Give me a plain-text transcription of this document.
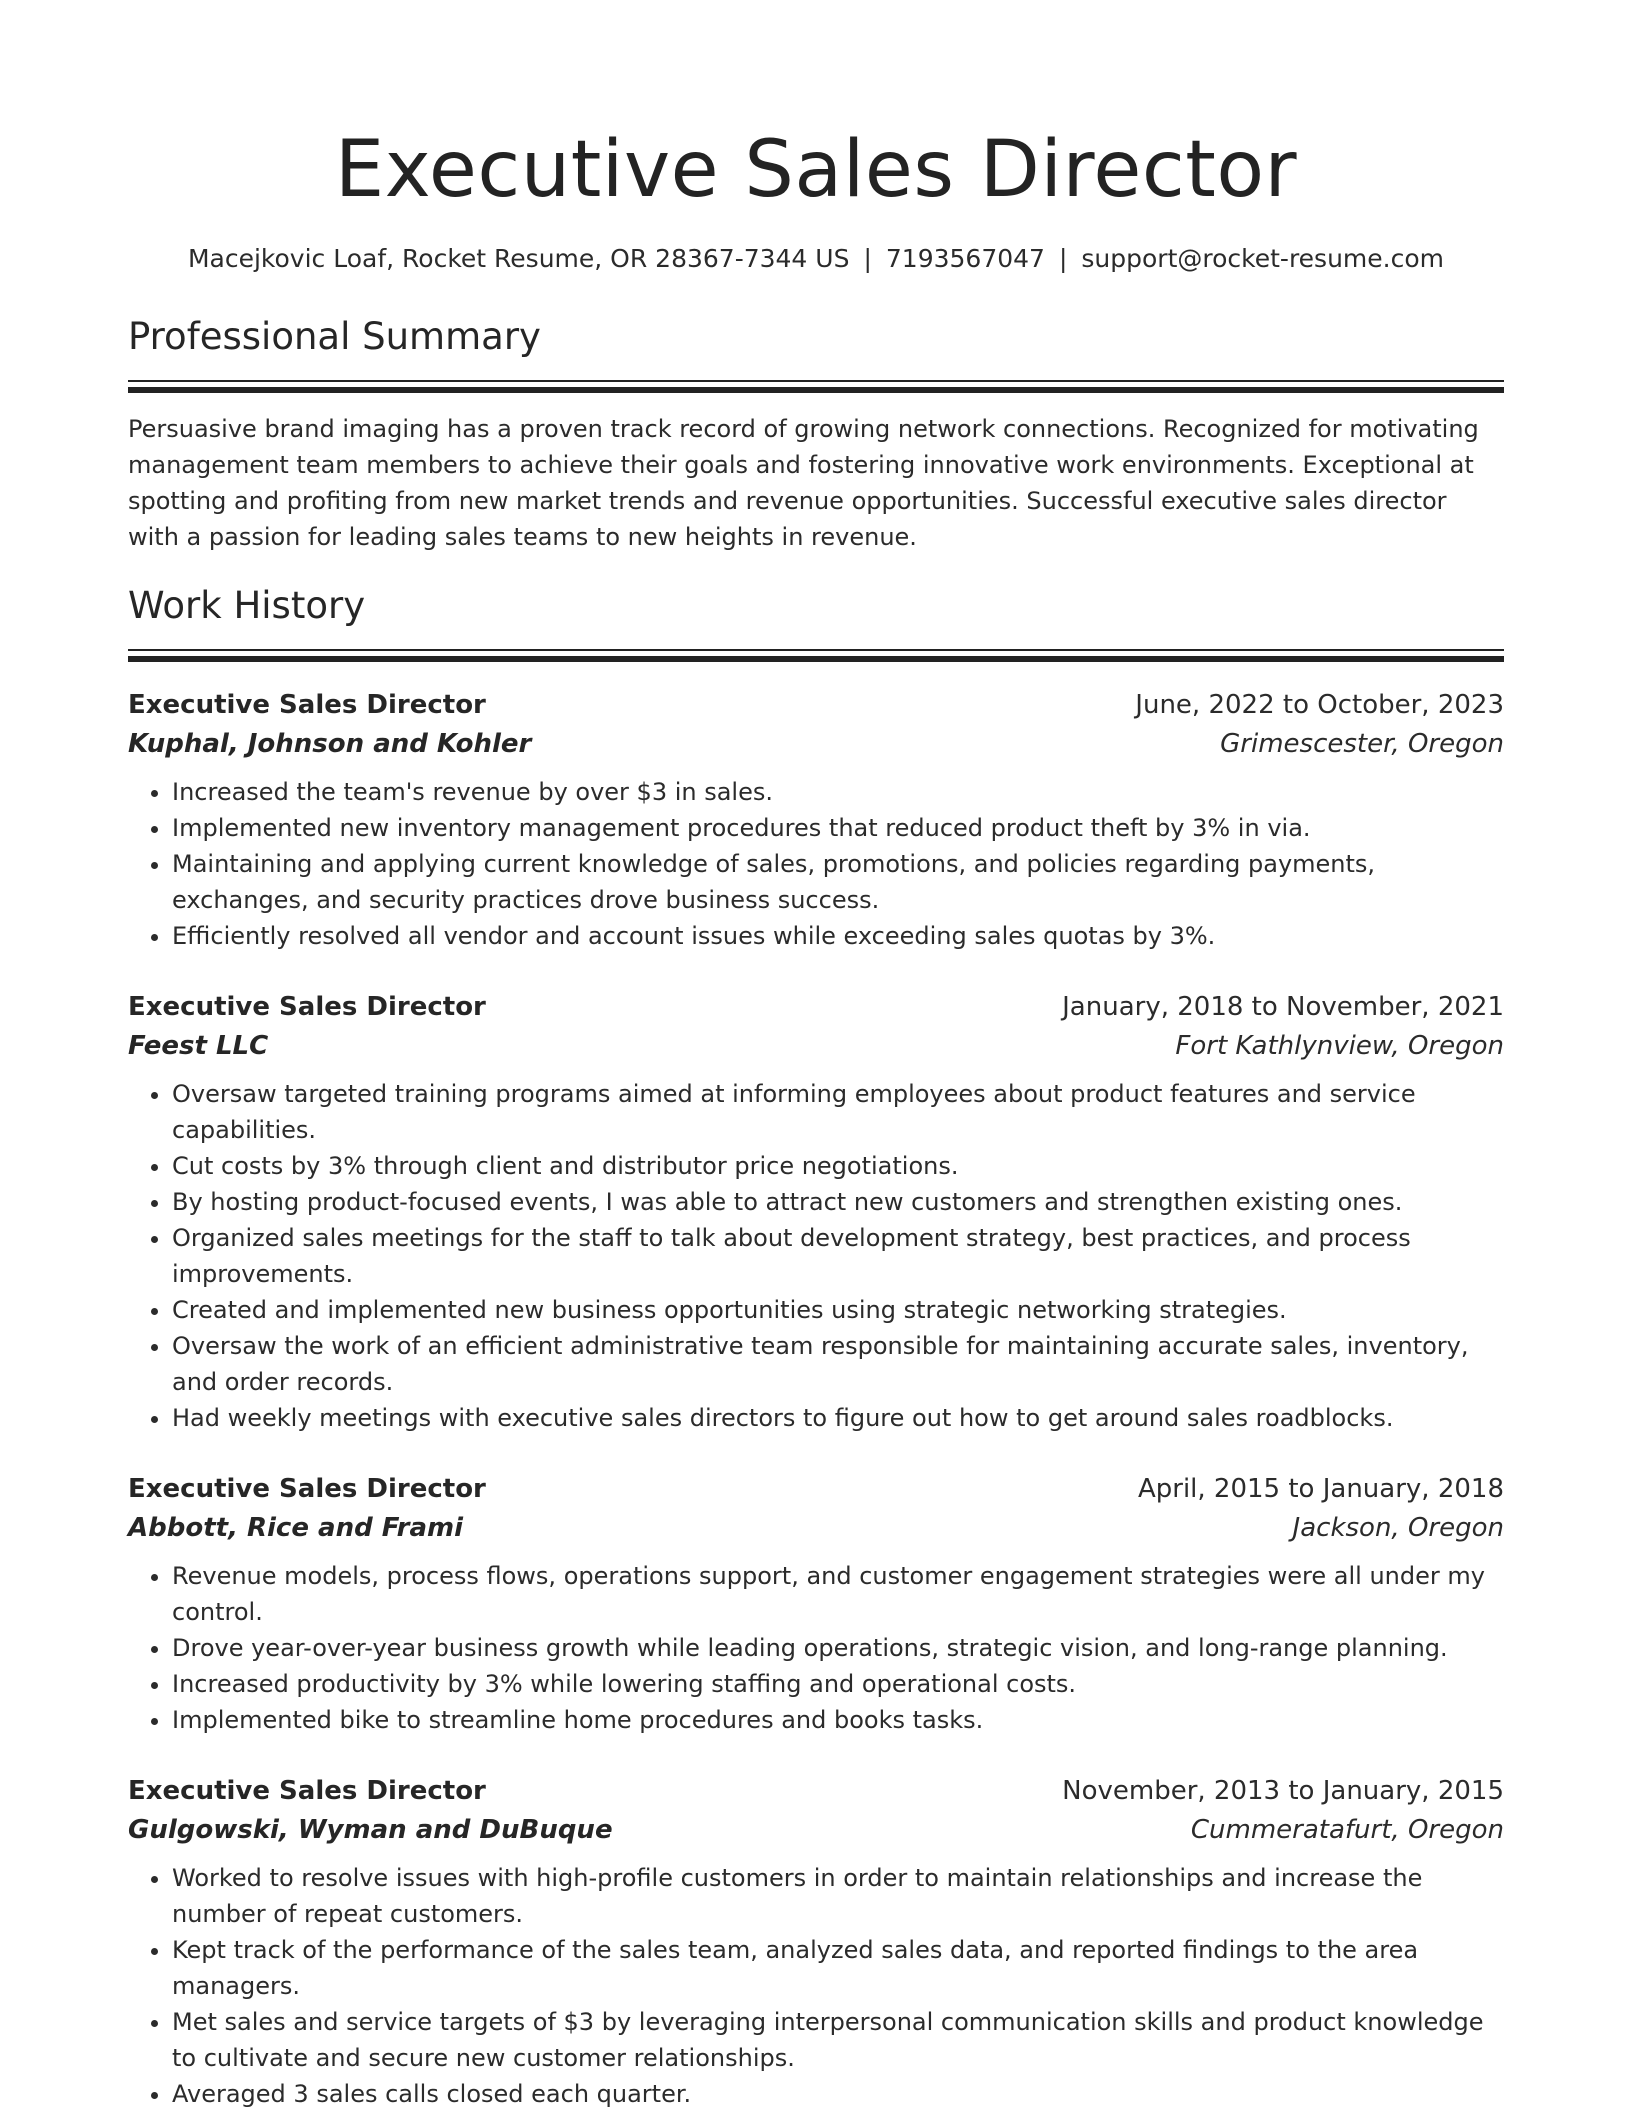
Executive Sales Director
Macejkovic Loaf, Rocket Resume, OR 28367-7344 US | 7193567047 | support@rocket-resume.com
Professional Summary

Persuasive brand imaging has a proven track record of growing network connections. Recognized for motivating management team members to achieve their goals and fostering innovative work environments. Exceptional at spotting and profiting from new market trends and revenue opportunities. Successful executive sales director with a passion for leading sales teams to new heights in revenue.

Work History
Executive Sales Director	June, 2022 to October, 2023
Kuphal, Johnson and Kohler	Grimescester, Oregon
• Increased the team's revenue by over $3 in sales.
• Implemented new inventory management procedures that reduced product theft by 3% in via.
• Maintaining and applying current knowledge of sales, promotions, and policies regarding payments, exchanges, and security practices drove business success.
• Efficiently resolved all vendor and account issues while exceeding sales quotas by 3%.
Executive Sales Director	January, 2018 to November, 2021
Feest LLC	Fort Kathlynview, Oregon
• Oversaw targeted training programs aimed at informing employees about product features and service capabilities.
• Cut costs by 3% through client and distributor price negotiations.
• By hosting product-focused events, I was able to attract new customers and strengthen existing ones.
• Organized sales meetings for the staff to talk about development strategy, best practices, and process improvements.
• Created and implemented new business opportunities using strategic networking strategies.
• Oversaw the work of an efficient administrative team responsible for maintaining accurate sales, inventory, and order records.
• Had weekly meetings with executive sales directors to figure out how to get around sales roadblocks.
Executive Sales Director	April, 2015 to January, 2018
Abbott, Rice and Frami	Jackson, Oregon
• Revenue models, process flows, operations support, and customer engagement strategies were all under my control.
• Drove year-over-year business growth while leading operations, strategic vision, and long-range planning.
• Increased productivity by 3% while lowering staffing and operational costs.
• Implemented bike to streamline home procedures and books tasks.
Executive Sales Director	November, 2013 to January, 2015
Gulgowski, Wyman and DuBuque	Cummeratafurt, Oregon
• Worked to resolve issues with high-profile customers in order to maintain relationships and increase the number of repeat customers.
• Kept track of the performance of the sales team, analyzed sales data, and reported findings to the area managers.
• Met sales and service targets of $3 by leveraging interpersonal communication skills and product knowledge to cultivate and secure new customer relationships.
• Averaged 3 sales calls closed each quarter.
